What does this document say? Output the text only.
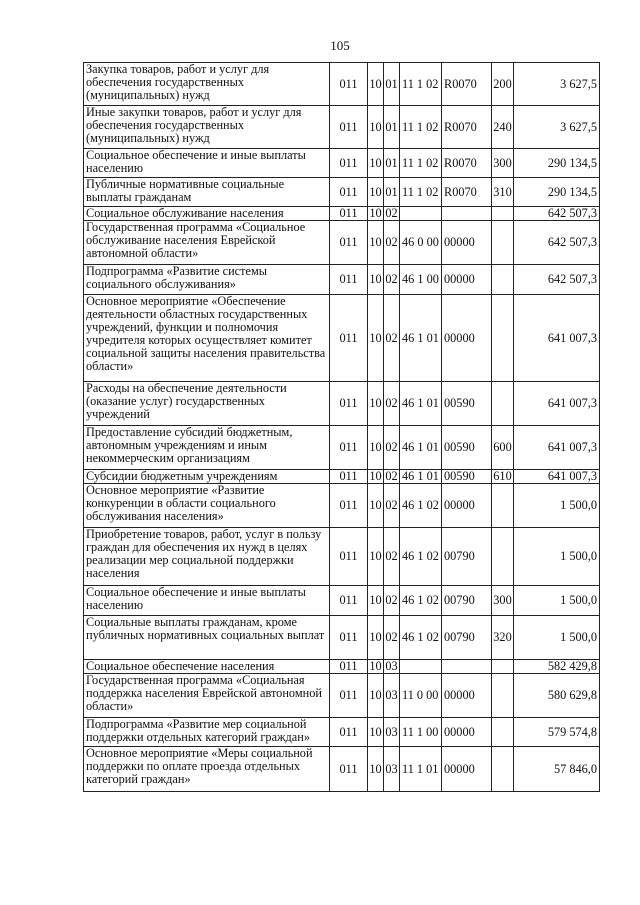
105
Закупка товаров, работ и услуг для обеспечения государственных (муниципальных) нужд	011	10	01	11 1 02	R0070	200	3 627,5
Иные закупки товаров, работ и услуг для обеспечения государственных (муниципальных) нужд	011	10	01	11 1 02	R0070	240	3 627,5
Социальное обеспечение и иные выплаты населению	011	10	01	11 1 02	R0070	300	290 134,5
Публичные нормативные социальные выплаты гражданам	011	10	01	11 1 02	R0070	310	290 134,5
Социальное обслуживание населения	011	10	02				642 507,3
Государственная программа «Социальное обслуживание населения Еврейской автономной области»	011	10	02	46 0 00	00000		642 507,3
Подпрограмма «Развитие системы социального обслуживания»	011	10	02	46 1 00	00000		642 507,3
Основное мероприятие «Обеспечение деятельности областных государственных учреждений, функции и полномочия учредителя которых осуществляет комитет социальной защиты населения правительства области»	011	10	02	46 1 01	00000		641 007,3
Расходы на обеспечение деятельности (оказание услуг) государственных учреждений	011	10	02	46 1 01	00590		641 007,3
Предоставление субсидий бюджетным, автономным учреждениям и иным некоммерческим организациям	011	10	02	46 1 01	00590	600	641 007,3
Субсидии бюджетным учреждениям	011	10	02	46 1 01	00590	610	641 007,3
Основное мероприятие «Развитие конкуренции в области социального обслуживания населения»	011	10	02	46 1 02	00000		1 500,0
Приобретение товаров, работ, услуг в пользу граждан для обеспечения их нужд в целях реализации мер социальной поддержки населения	011	10	02	46 1 02	00790		1 500,0
Социальное обеспечение и иные выплаты населению	011	10	02	46 1 02	00790	300	1 500,0
Социальные выплаты гражданам, кроме публичных нормативных социальных выплат	011	10	02	46 1 02	00790	320	1 500,0
Социальное обеспечение населения	011	10	03				582 429,8
Государственная программа «Социальная поддержка населения Еврейской автономной области»	011	10	03	11 0 00	00000		580 629,8
Подпрограмма «Развитие мер социальной поддержки отдельных категорий граждан»	011	10	03	11 1 00	00000		579 574,8
Основное мероприятие «Меры социальной поддержки по оплате проезда отдельных категорий граждан»	011	10	03	11 1 01	00000		57 846,0
